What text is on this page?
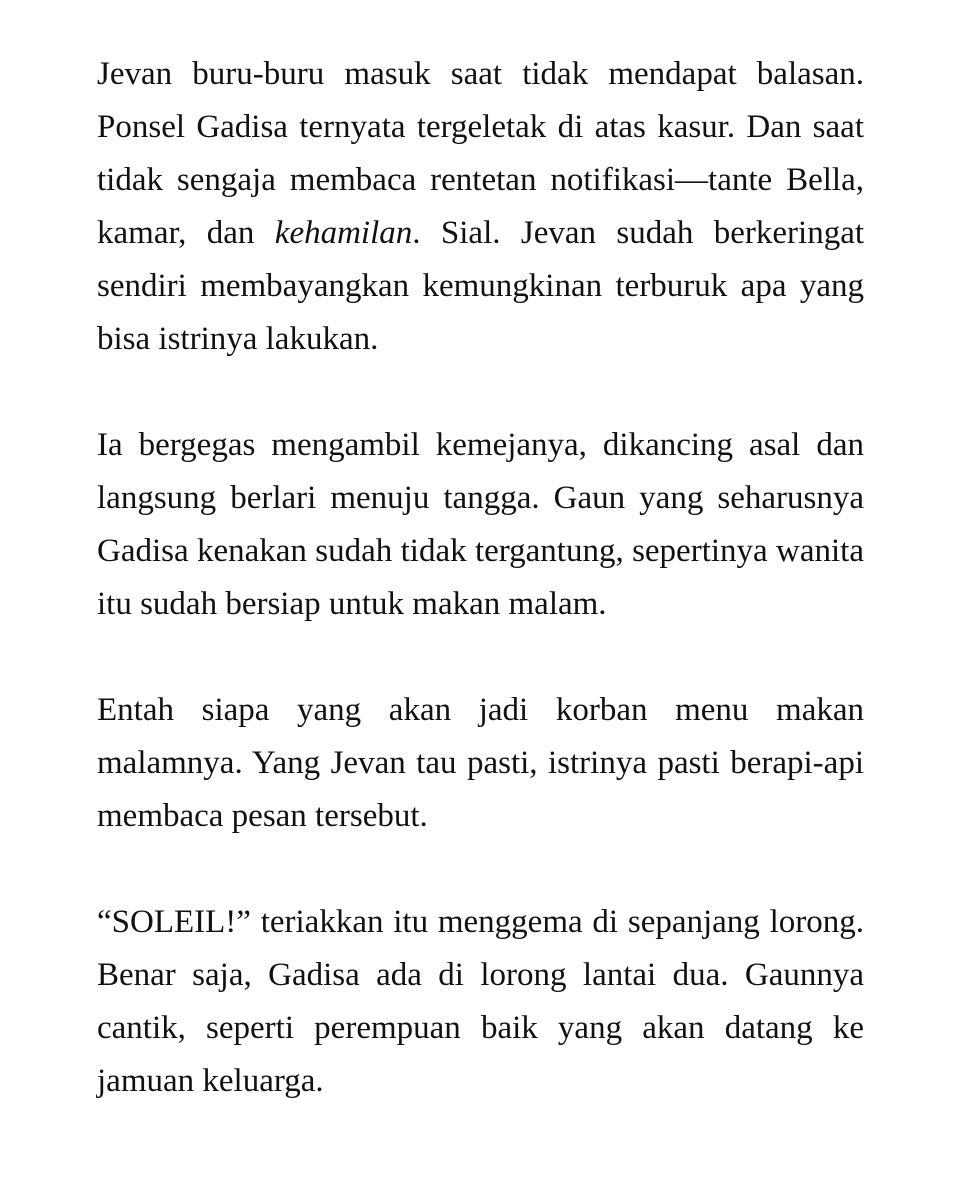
Jevan buru-buru masuk saat tidak mendapat balasan. Ponsel Gadisa ternyata tergeletak di atas kasur. Dan saat tidak sengaja membaca rentetan notifikasi—tante Bella, kamar, dan kehamilan. Sial. Jevan sudah berkeringat sendiri membayangkan kemungkinan terburuk apa yang bisa istrinya lakukan.

Ia bergegas mengambil kemejanya, dikancing asal dan langsung berlari menuju tangga. Gaun yang seharusnya Gadisa kenakan sudah tidak tergantung, sepertinya wanita itu sudah bersiap untuk makan malam.

Entah siapa yang akan jadi korban menu makan malamnya. Yang Jevan tau pasti, istrinya pasti berapi-api membaca pesan tersebut.

“SOLEIL!” teriakkan itu menggema di sepanjang lorong. Benar saja, Gadisa ada di lorong lantai dua. Gaunnya cantik, seperti perempuan baik yang akan datang ke jamuan keluarga.
